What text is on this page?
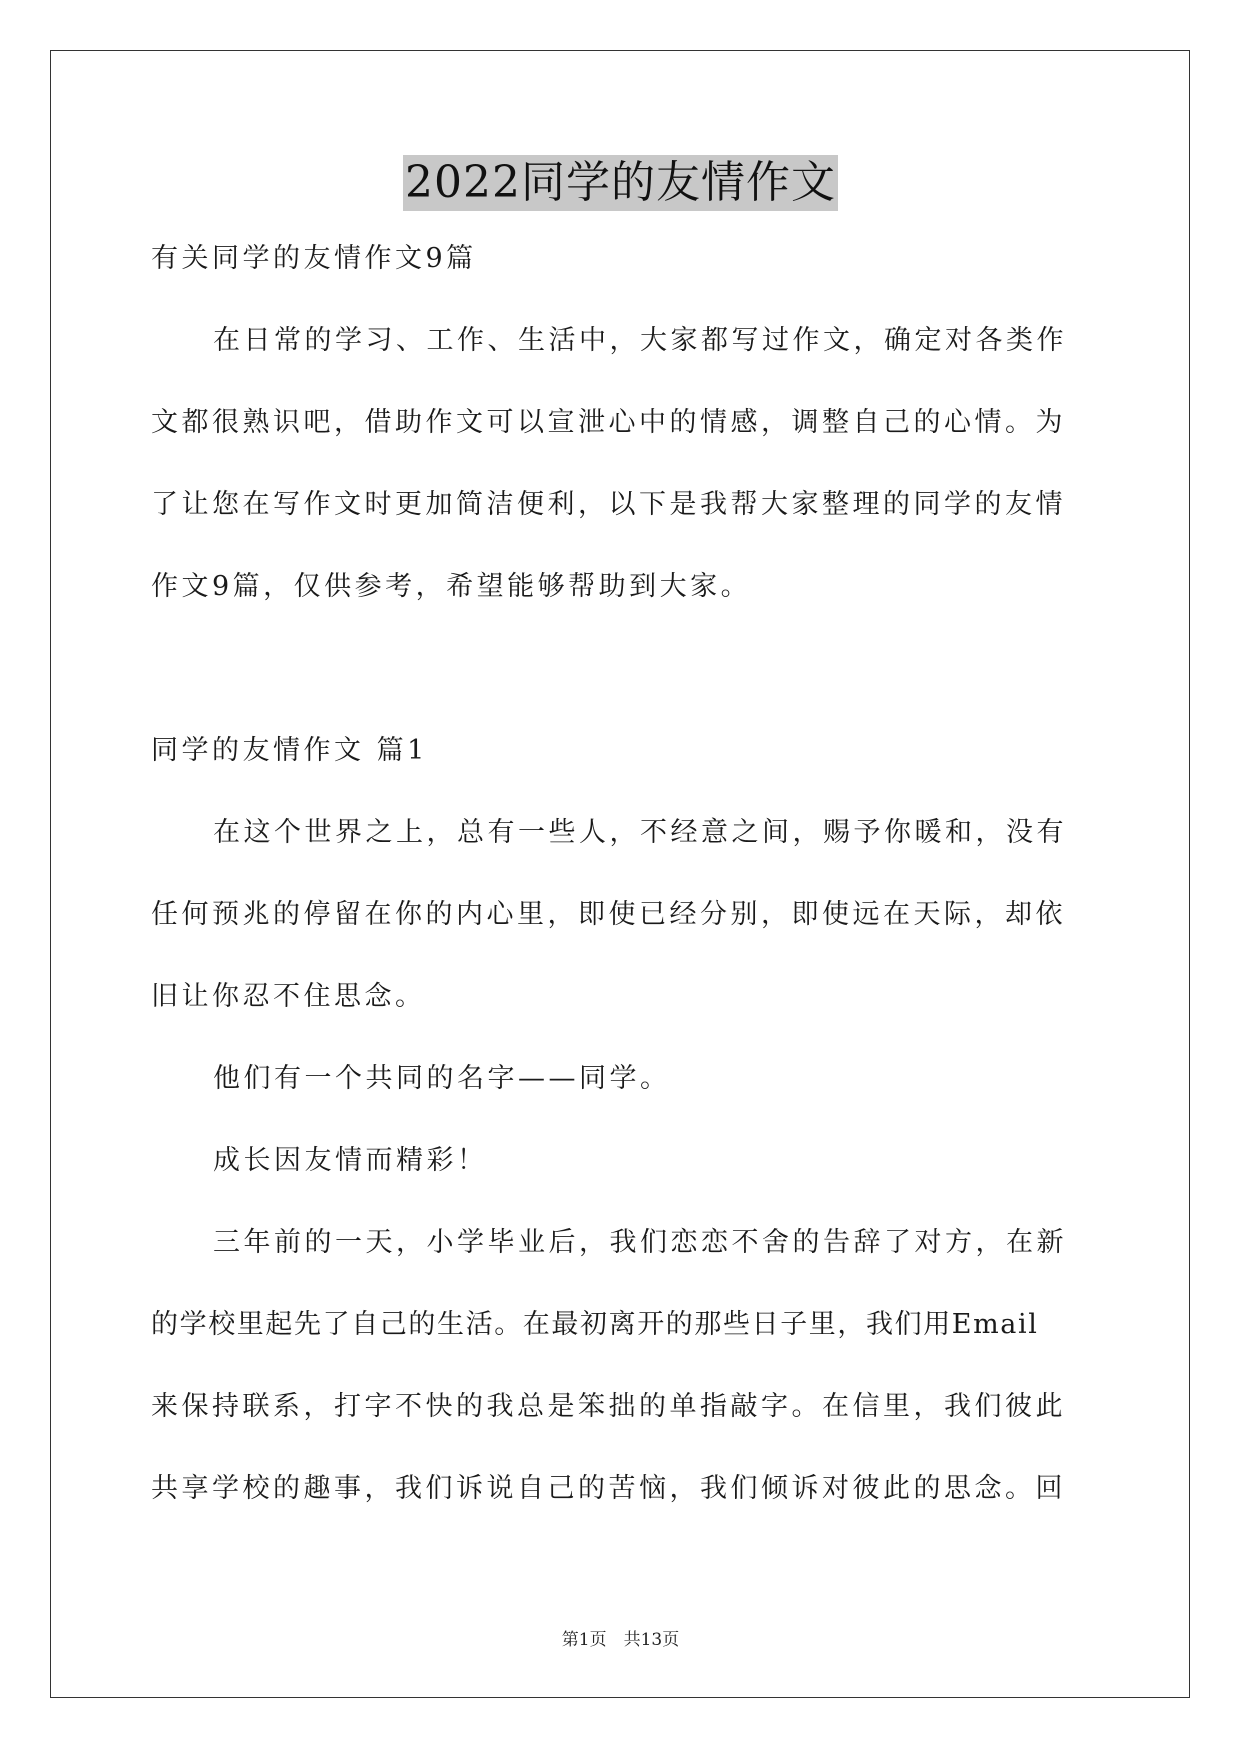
2022同学的友情作文
有关同学的友情作文9篇
在日常的学习、工作、生活中，大家都写过作文，确定对各类作
文都很熟识吧，借助作文可以宣泄心中的情感，调整自己的心情。为
了让您在写作文时更加简洁便利，以下是我帮大家整理的同学的友情
作文9篇，仅供参考，希望能够帮助到大家。
同学的友情作文 篇1
在这个世界之上，总有一些人，不经意之间，赐予你暖和，没有
任何预兆的停留在你的内心里，即使已经分别，即使远在天际，却依
旧让你忍不住思念。
他们有一个共同的名字——同学。
成长因友情而精彩！
三年前的一天，小学毕业后，我们恋恋不舍的告辞了对方，在新
的学校里起先了自己的生活。在最初离开的那些日子里，我们用Email
来保持联系，打字不快的我总是笨拙的单指敲字。在信里，我们彼此
共享学校的趣事，我们诉说自己的苦恼，我们倾诉对彼此的思念。回
第1页　共13页
